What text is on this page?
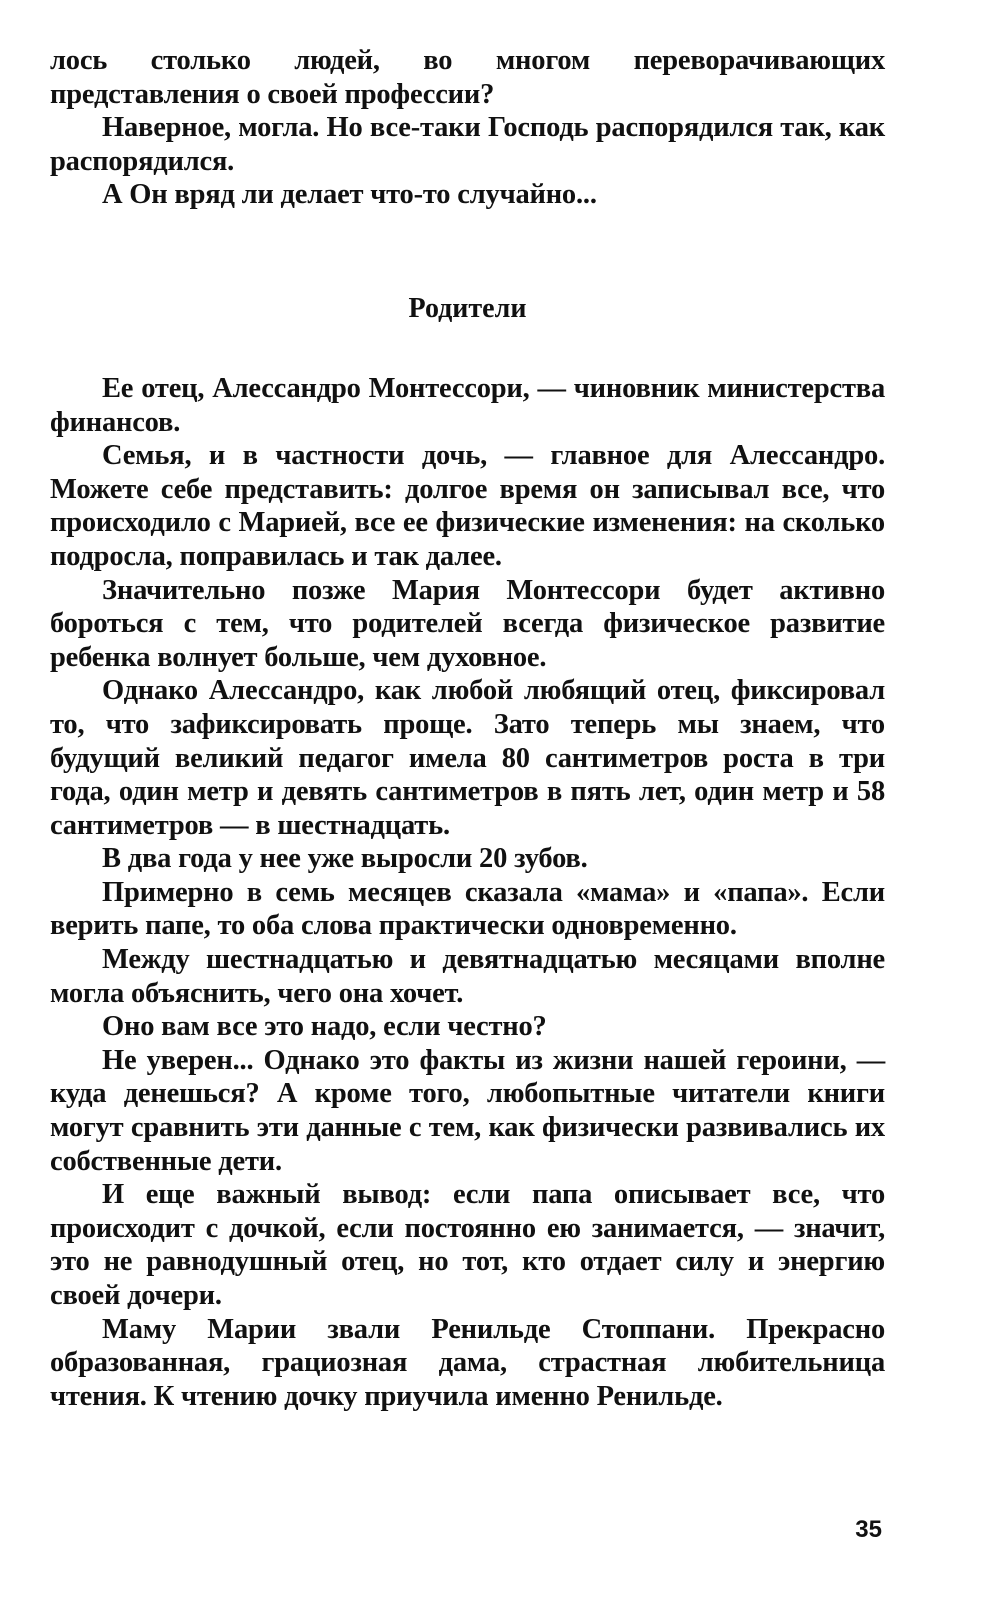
лось столько людей, во многом переворачивающих представления о своей профессии?

Наверное, могла. Но все-таки Господь распорядился так, как распорядился.

А Он вряд ли делает что-то случайно...

Родители

Ее отец, Алессандро Монтессори, — чиновник министерства финансов.

Семья, и в частности дочь, — главное для Алессандро. Можете себе представить: долгое время он записывал все, что происходило с Марией, все ее физические изменения: на сколько подросла, поправилась и так далее.

Значительно позже Мария Монтессори будет активно бороться с тем, что родителей всегда физическое развитие ребенка волнует больше, чем духовное.

Однако Алессандро, как любой любящий отец, фиксировал то, что зафиксировать проще. Зато теперь мы знаем, что будущий великий педагог имела 80 сантиметров роста в три года, один метр и девять сантиметров в пять лет, один метр и 58 сантиметров — в шестнадцать.

В два года у нее уже выросли 20 зубов.

Примерно в семь месяцев сказала «мама» и «папа». Если верить папе, то оба слова практически одновременно.

Между шестнадцатью и девятнадцатью месяцами вполне могла объяснить, чего она хочет.

Оно вам все это надо, если честно?

Не уверен... Однако это факты из жизни нашей героини, — куда денешься? А кроме того, любопытные читатели книги могут сравнить эти данные с тем, как физически развивались их собственные дети.

И еще важный вывод: если папа описывает все, что происходит с дочкой, если постоянно ею занимается, — значит, это не равнодушный отец, но тот, кто отдает силу и энергию своей дочери.

Маму Марии звали Ренильде Стоппани. Прекрасно образованная, грациозная дама, страстная любительница чтения. К чтению дочку приучила именно Ренильде.

35
